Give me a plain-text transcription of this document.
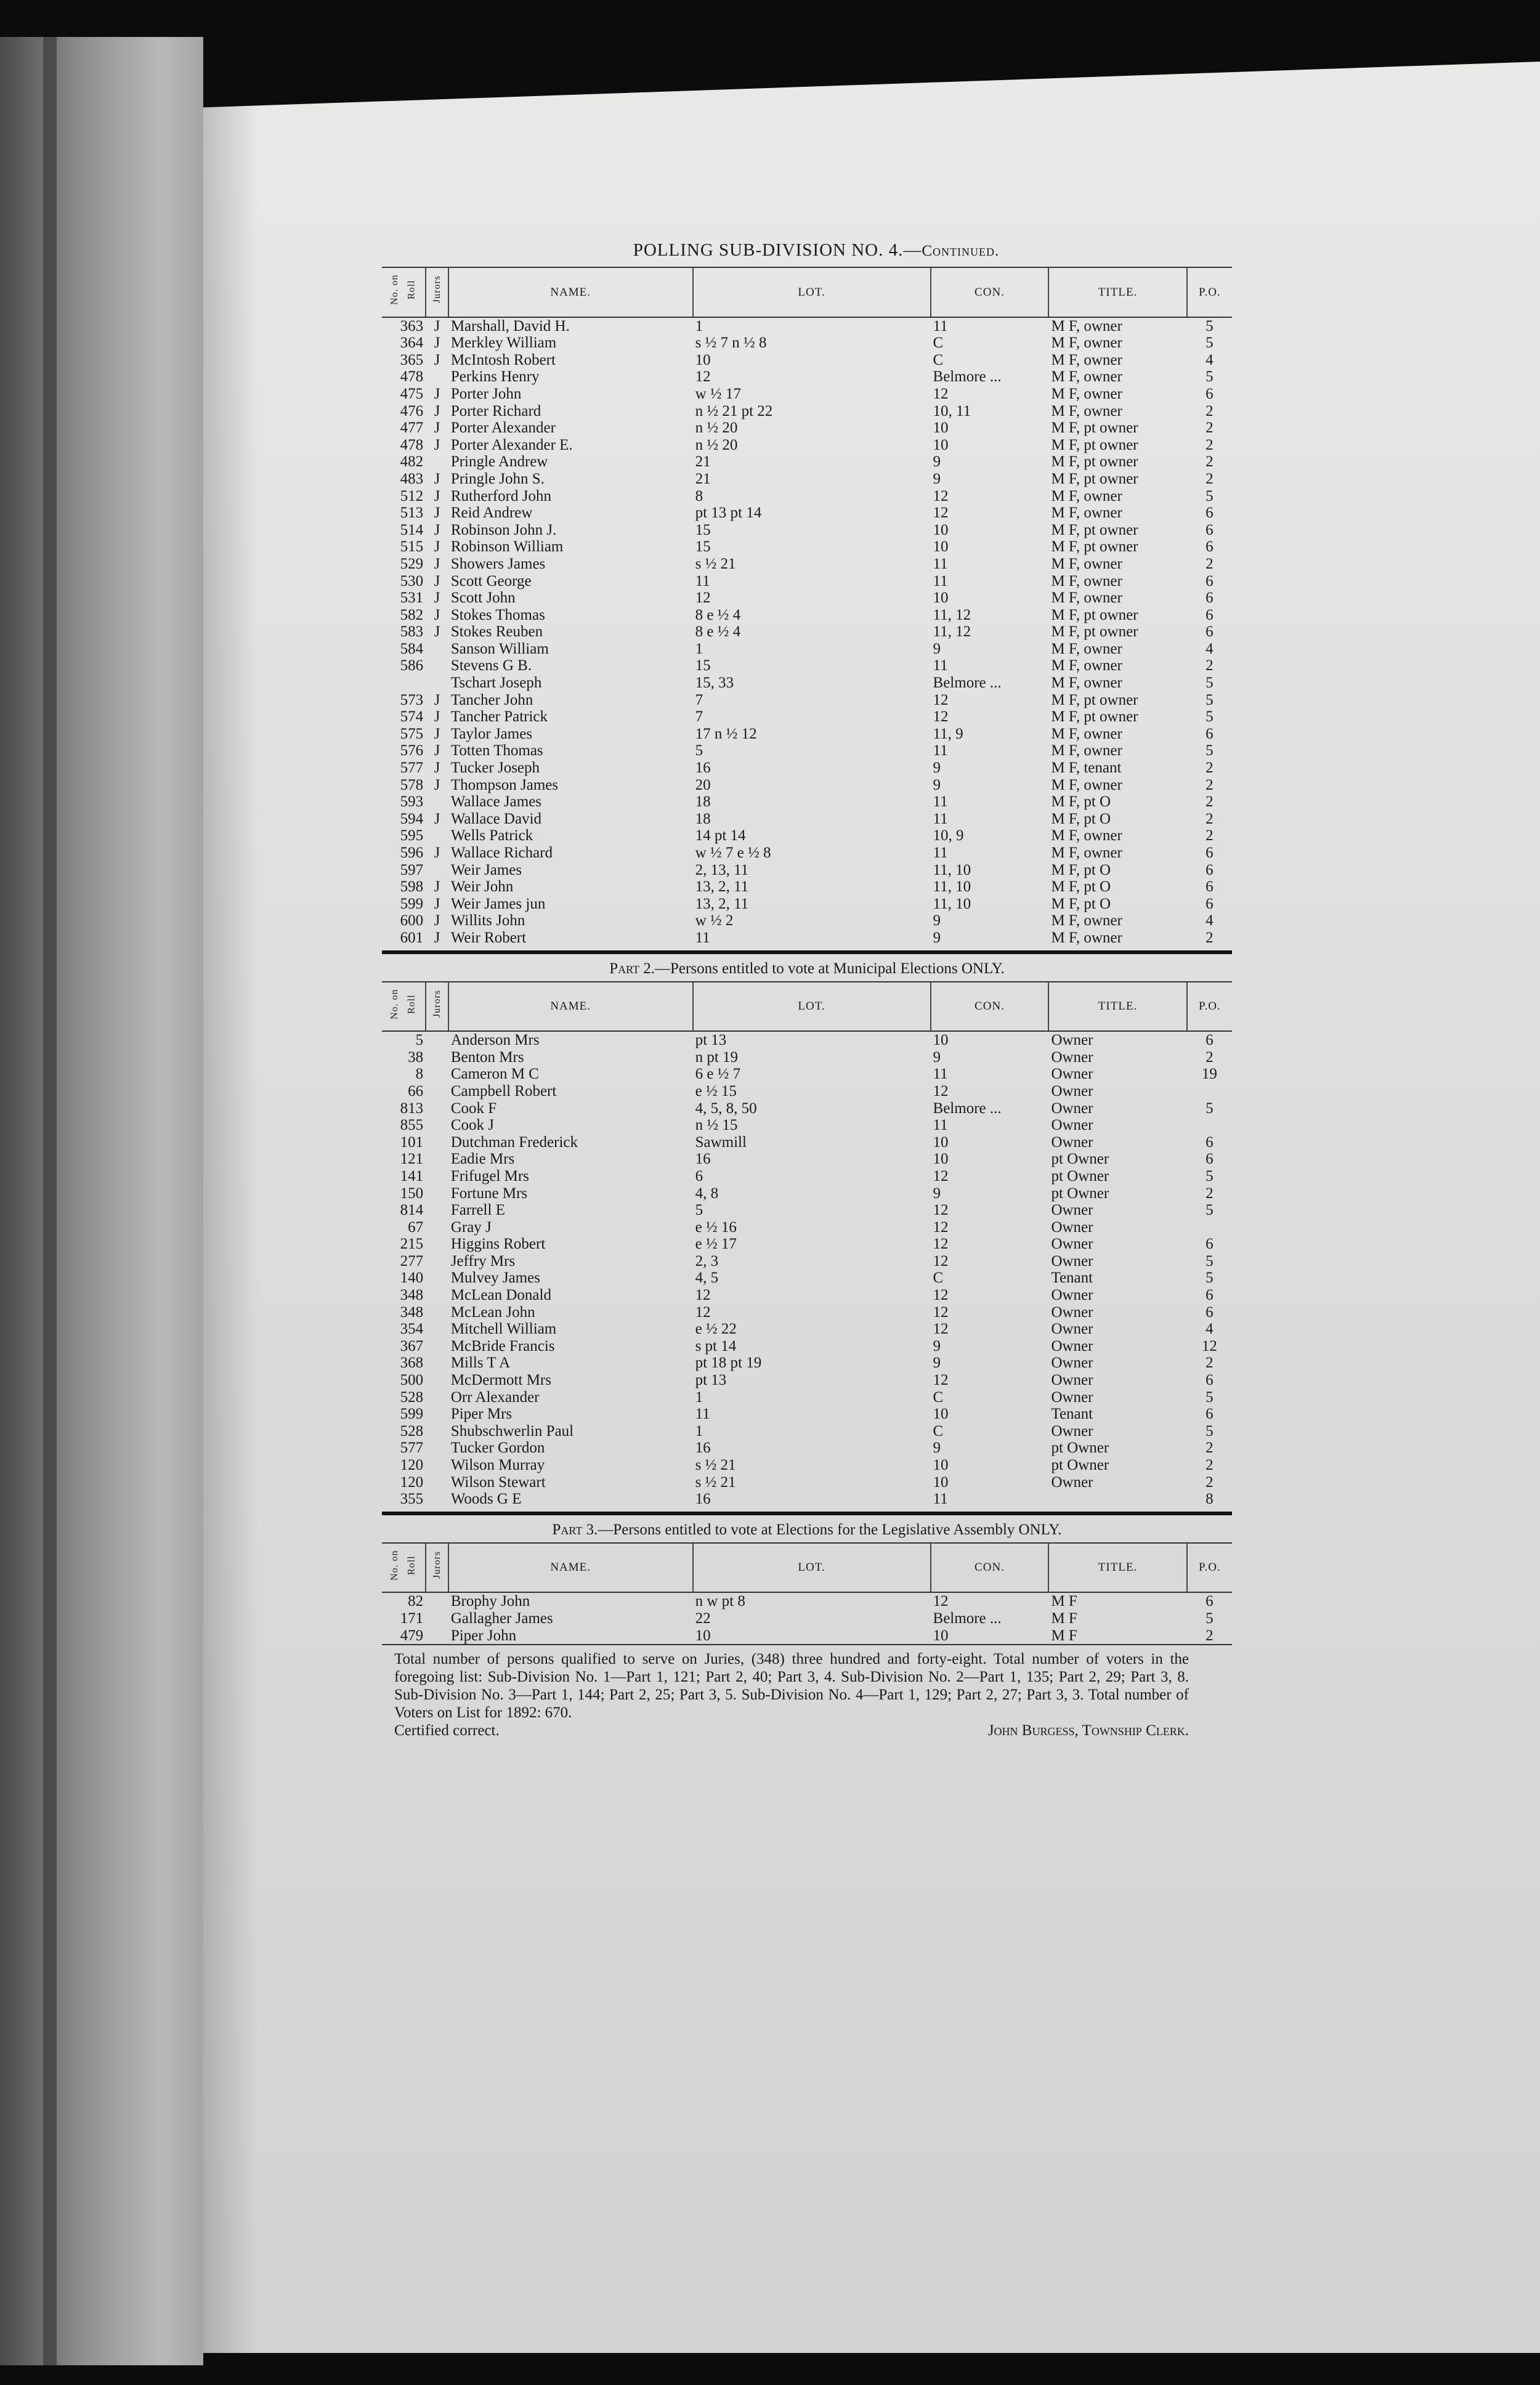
POLLING SUB-DIVISION NO. 4.—Continued.
No. on Roll	Jurors	NAME.	LOT.	CON.	TITLE.	P.O.
363	J	Marshall, David H.	1	11	M F, owner	5
364	J	Merkley William	s ½ 7 n ½ 8	C	M F, owner	5
365	J	McIntosh Robert	10	C	M F, owner	4
478		Perkins Henry	12	Belmore ...	M F, owner	5
475	J	Porter John	w ½ 17	12	M F, owner	6
476	J	Porter Richard	n ½ 21 pt 22	10, 11	M F, owner	2
477	J	Porter Alexander	n ½ 20	10	M F, pt owner	2
478	J	Porter Alexander E.	n ½ 20	10	M F, pt owner	2
482		Pringle Andrew	21	9	M F, pt owner	2
483	J	Pringle John S.	21	9	M F, pt owner	2
512	J	Rutherford John	8	12	M F, owner	5
513	J	Reid Andrew	pt 13 pt 14	12	M F, owner	6
514	J	Robinson John J.	15	10	M F, pt owner	6
515	J	Robinson William	15	10	M F, pt owner	6
529	J	Showers James	s ½ 21	11	M F, owner	2
530	J	Scott George	11	11	M F, owner	6
531	J	Scott John	12	10	M F, owner	6
582	J	Stokes Thomas	8 e ½ 4	11, 12	M F, pt owner	6
583	J	Stokes Reuben	8 e ½ 4	11, 12	M F, pt owner	6
584		Sanson William	1	9	M F, owner	4
586		Stevens G B.	15	11	M F, owner	2
		Tschart Joseph	15, 33	Belmore ...	M F, owner	5
573	J	Tancher John	7	12	M F, pt owner	5
574	J	Tancher Patrick	7	12	M F, pt owner	5
575	J	Taylor James	17 n ½ 12	11, 9	M F, owner	6
576	J	Totten Thomas	5	11	M F, owner	5
577	J	Tucker Joseph	16	9	M F, tenant	2
578	J	Thompson James	20	9	M F, owner	2
593		Wallace James	18	11	M F, pt O	2
594	J	Wallace David	18	11	M F, pt O	2
595		Wells Patrick	14 pt 14	10, 9	M F, owner	2
596	J	Wallace Richard	w ½ 7 e ½ 8	11	M F, owner	6
597		Weir James	2, 13, 11	11, 10	M F, pt O	6
598	J	Weir John	13, 2, 11	11, 10	M F, pt O	6
599	J	Weir James jun	13, 2, 11	11, 10	M F, pt O	6
600	J	Willits John	w ½ 2	9	M F, owner	4
601	J	Weir Robert	11	9	M F, owner	2
Part 2.—Persons entitled to vote at Municipal Elections ONLY.
No. on Roll	Jurors	NAME.	LOT.	CON.	TITLE.	P.O.
5		Anderson Mrs	pt 13	10	Owner	6
38		Benton Mrs	n pt 19	9	Owner	2
8		Cameron M C	6 e ½ 7	11	Owner	19
66		Campbell Robert	e ½ 15	12	Owner	
813		Cook F	4, 5, 8, 50	Belmore ...	Owner	5
855		Cook J	n ½ 15	11	Owner	
101		Dutchman Frederick	Sawmill	10	Owner	6
121		Eadie Mrs	16	10	pt Owner	6
141		Frifugel Mrs	6	12	pt Owner	5
150		Fortune Mrs	4, 8	9	pt Owner	2
814		Farrell E	5	12	Owner	5
67		Gray J	e ½ 16	12	Owner	
215		Higgins Robert	e ½ 17	12	Owner	6
277		Jeffry Mrs	2, 3	12	Owner	5
140		Mulvey James	4, 5	C	Tenant	5
348		McLean Donald	12	12	Owner	6
348		McLean John	12	12	Owner	6
354		Mitchell William	e ½ 22	12	Owner	4
367		McBride Francis	s pt 14	9	Owner	12
368		Mills T A	pt 18 pt 19	9	Owner	2
500		McDermott Mrs	pt 13	12	Owner	6
528		Orr Alexander	1	C	Owner	5
599		Piper Mrs	11	10	Tenant	6
528		Shubschwerlin Paul	1	C	Owner	5
577		Tucker Gordon	16	9	pt Owner	2
120		Wilson Murray	s ½ 21	10	pt Owner	2
120		Wilson Stewart	s ½ 21	10	Owner	2
355		Woods G E	16	11		8
Part 3.—Persons entitled to vote at Elections for the Legislative Assembly ONLY.
No. on Roll	Jurors	NAME.	LOT.	CON.	TITLE.	P.O.
82		Brophy John	n w pt 8	12	M F	6
171		Gallagher James	22	Belmore ...	M F	5
479		Piper John	10	10	M F	2
Total number of persons qualified to serve on Juries, (348) three hundred and forty-eight. Total number of voters in the foregoing list: Sub-Division No. 1—Part 1, 121; Part 2, 40; Part 3, 4. Sub-Division No. 2—Part 1, 135; Part 2, 29; Part 3, 8. Sub-Division No. 3—Part 1, 144; Part 2, 25; Part 3, 5. Sub-Division No. 4—Part 1, 129; Part 2, 27; Part 3, 3. Total number of Voters on List for 1892: 670.
Certified correct.	John Burgess, Township Clerk.
